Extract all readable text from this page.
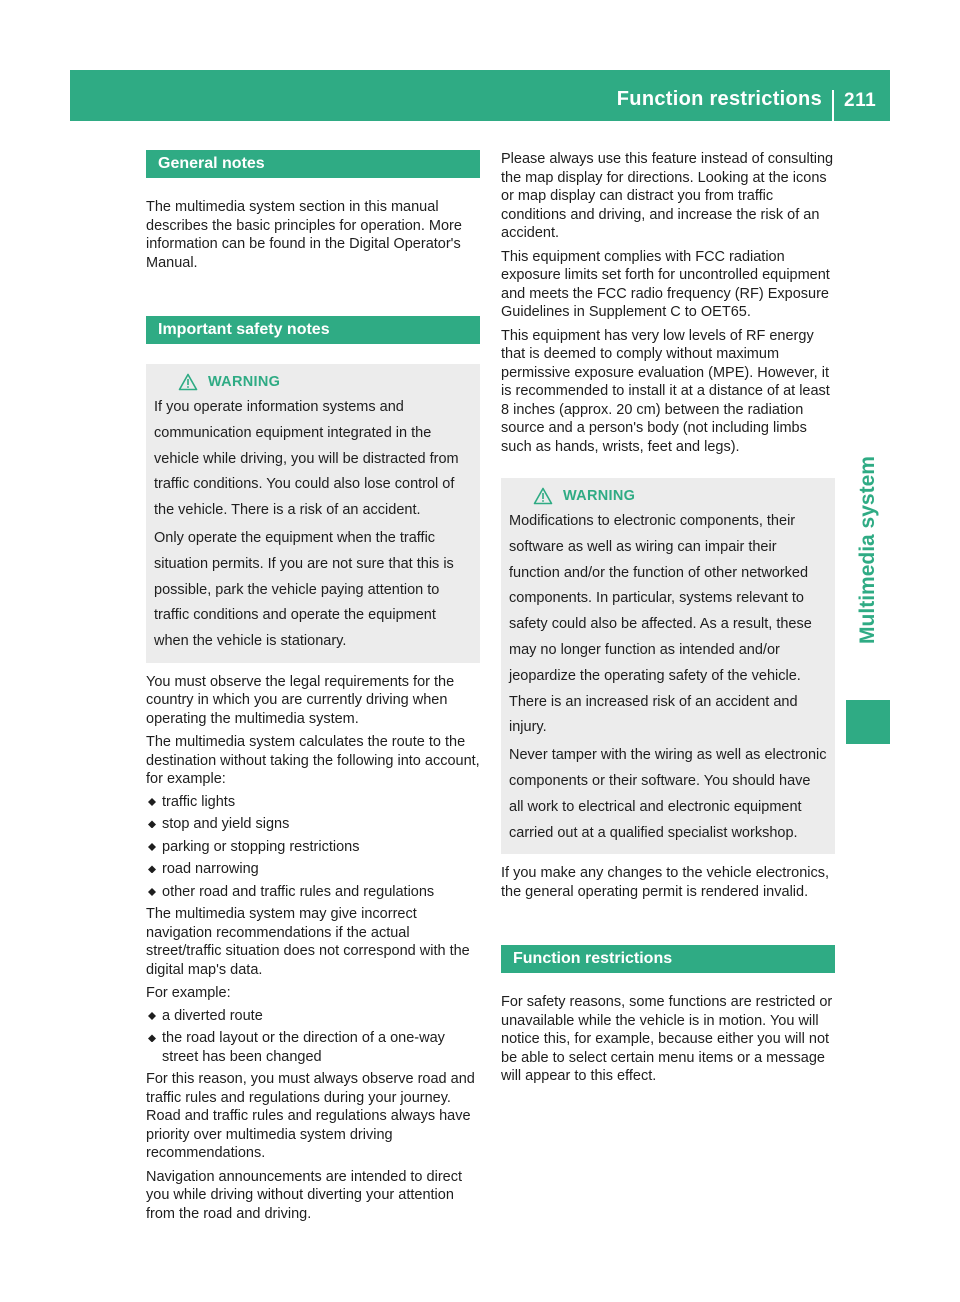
Function restrictions 211
Multimedia system
General notes

The multimedia system section in this manual describes the basic principles for operation. More information can be found in the Digital Operator's Manual.

Important safety notes
WARNING

If you operate information systems and communication equipment integrated in the vehicle while driving, you will be distracted from traffic conditions. You could also lose control of the vehicle. There is a risk of an accident.

Only operate the equipment when the traffic situation permits. If you are not sure that this is possible, park the vehicle paying attention to traffic conditions and operate the equipment when the vehicle is stationary.

You must observe the legal requirements for the country in which you are currently driving when operating the multimedia system.

The multimedia system calculates the route to the destination without taking the following into account, for example:

traffic lights
stop and yield signs
parking or stopping restrictions
road narrowing
other road and traffic rules and regulations

The multimedia system may give incorrect navigation recommendations if the actual street/traffic situation does not correspond with the digital map's data.

For example:

a diverted route
the road layout or the direction of a one-way street has been changed

For this reason, you must always observe road and traffic rules and regulations during your journey. Road and traffic rules and regulations always have priority over multimedia system driving recommendations.

Navigation announcements are intended to direct you while driving without diverting your attention from the road and driving.

Please always use this feature instead of consulting the map display for directions. Looking at the icons or map display can distract you from traffic conditions and driving, and increase the risk of an accident.

This equipment complies with FCC radiation exposure limits set forth for uncontrolled equipment and meets the FCC radio frequency (RF) Exposure Guidelines in Supplement C to OET65.

This equipment has very low levels of RF energy that is deemed to comply without maximum permissive exposure evaluation (MPE). However, it is recommended to install it at a distance of at least 8 inches (approx. 20 cm) between the radiation source and a person's body (not including limbs such as hands, wrists, feet and legs).

WARNING

Modifications to electronic components, their software as well as wiring can impair their function and/or the function of other networked components. In particular, systems relevant to safety could also be affected. As a result, these may no longer function as intended and/or jeopardize the operating safety of the vehicle. There is an increased risk of an accident and injury.

Never tamper with the wiring as well as electronic components or their software. You should have all work to electrical and electronic equipment carried out at a qualified specialist workshop.

If you make any changes to the vehicle electronics, the general operating permit is rendered invalid.

Function restrictions

For safety reasons, some functions are restricted or unavailable while the vehicle is in motion. You will notice this, for example, because either you will not be able to select certain menu items or a message will appear to this effect.
